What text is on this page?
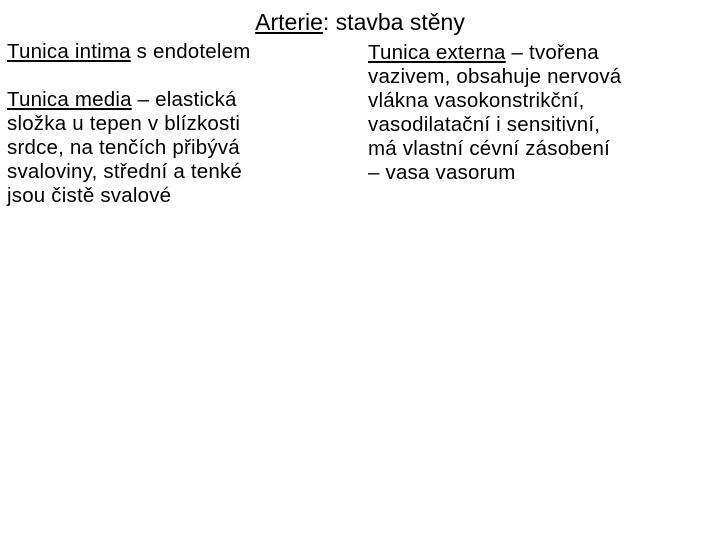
Arterie: stavba stěny

Tunica intima s endotelem

Tunica media – elastická
složka u tepen v blízkosti
srdce, na tenčích přibývá
svaloviny, střední a tenké
jsou čistě svalové

Tunica externa – tvořena
vazivem, obsahuje nervová
vlákna vasokonstrikční,
vasodilatační i sensitivní,
má vlastní cévní zásobení
– vasa vasorum
